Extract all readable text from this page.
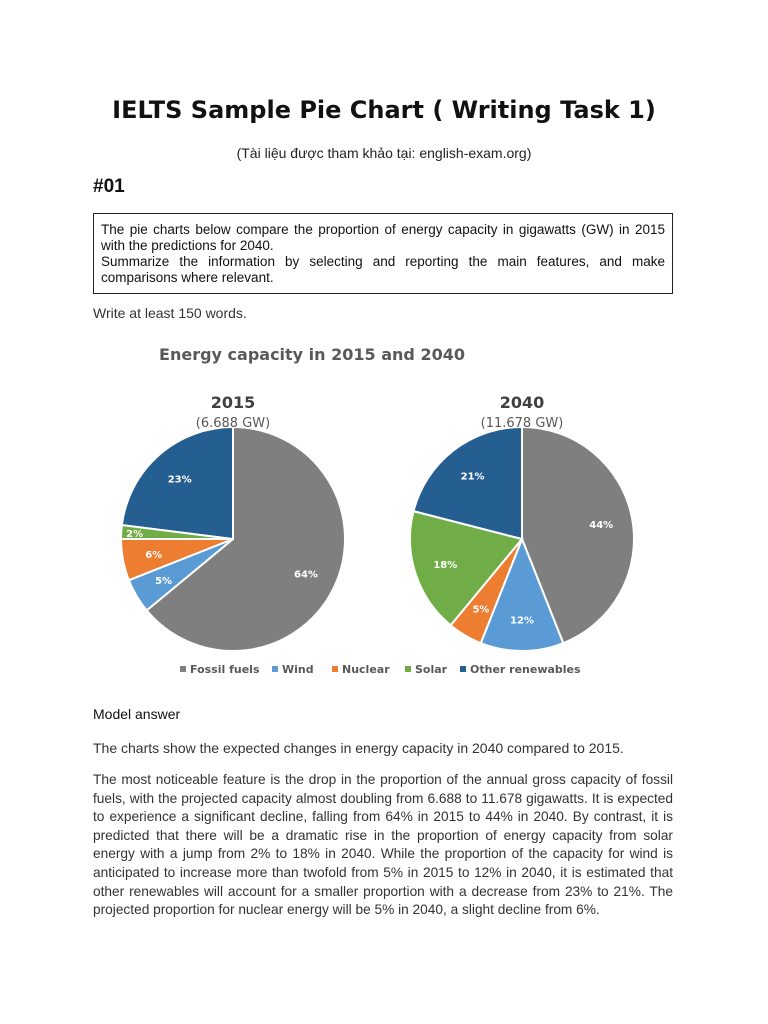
IELTS Sample Pie Chart ( Writing Task 1)
(Tài liệu được tham khảo tại: english-exam.org)
#01

The pie charts below compare the proportion of energy capacity in gigawatts (GW) in 2015 with the predictions for 2040.

Summarize the information by selecting and reporting the main features, and make comparisons where relevant.

Write at least 150 words.
Energy capacity in 2015 and 2040
64%
5%
6%
2%
23%
2015
(6.688 GW)
44%
12%
5%
18%
21%
2040
(11.678 GW)
Fossil fuels Wind	Nuclear Solar Other renewables
Model answer
The charts show the expected changes in energy capacity in 2040 compared to 2015.

The most noticeable feature is the drop in the proportion of the annual gross capacity of fossil fuels, with the projected capacity almost doubling from 6.688 to 11.678 gigawatts. It is expected to experience a significant decline, falling from 64% in 2015 to 44% in 2040. By contrast, it is predicted that there will be a dramatic rise in the proportion of energy capacity from solar energy with a jump from 2% to 18% in 2040. While the proportion of the capacity for wind is anticipated to increase more than twofold from 5% in 2015 to 12% in 2040, it is estimated that other renewables will account for a smaller proportion with a decrease from 23% to 21%. The projected proportion for nuclear energy will be 5% in 2040, a slight decline from 6%.
